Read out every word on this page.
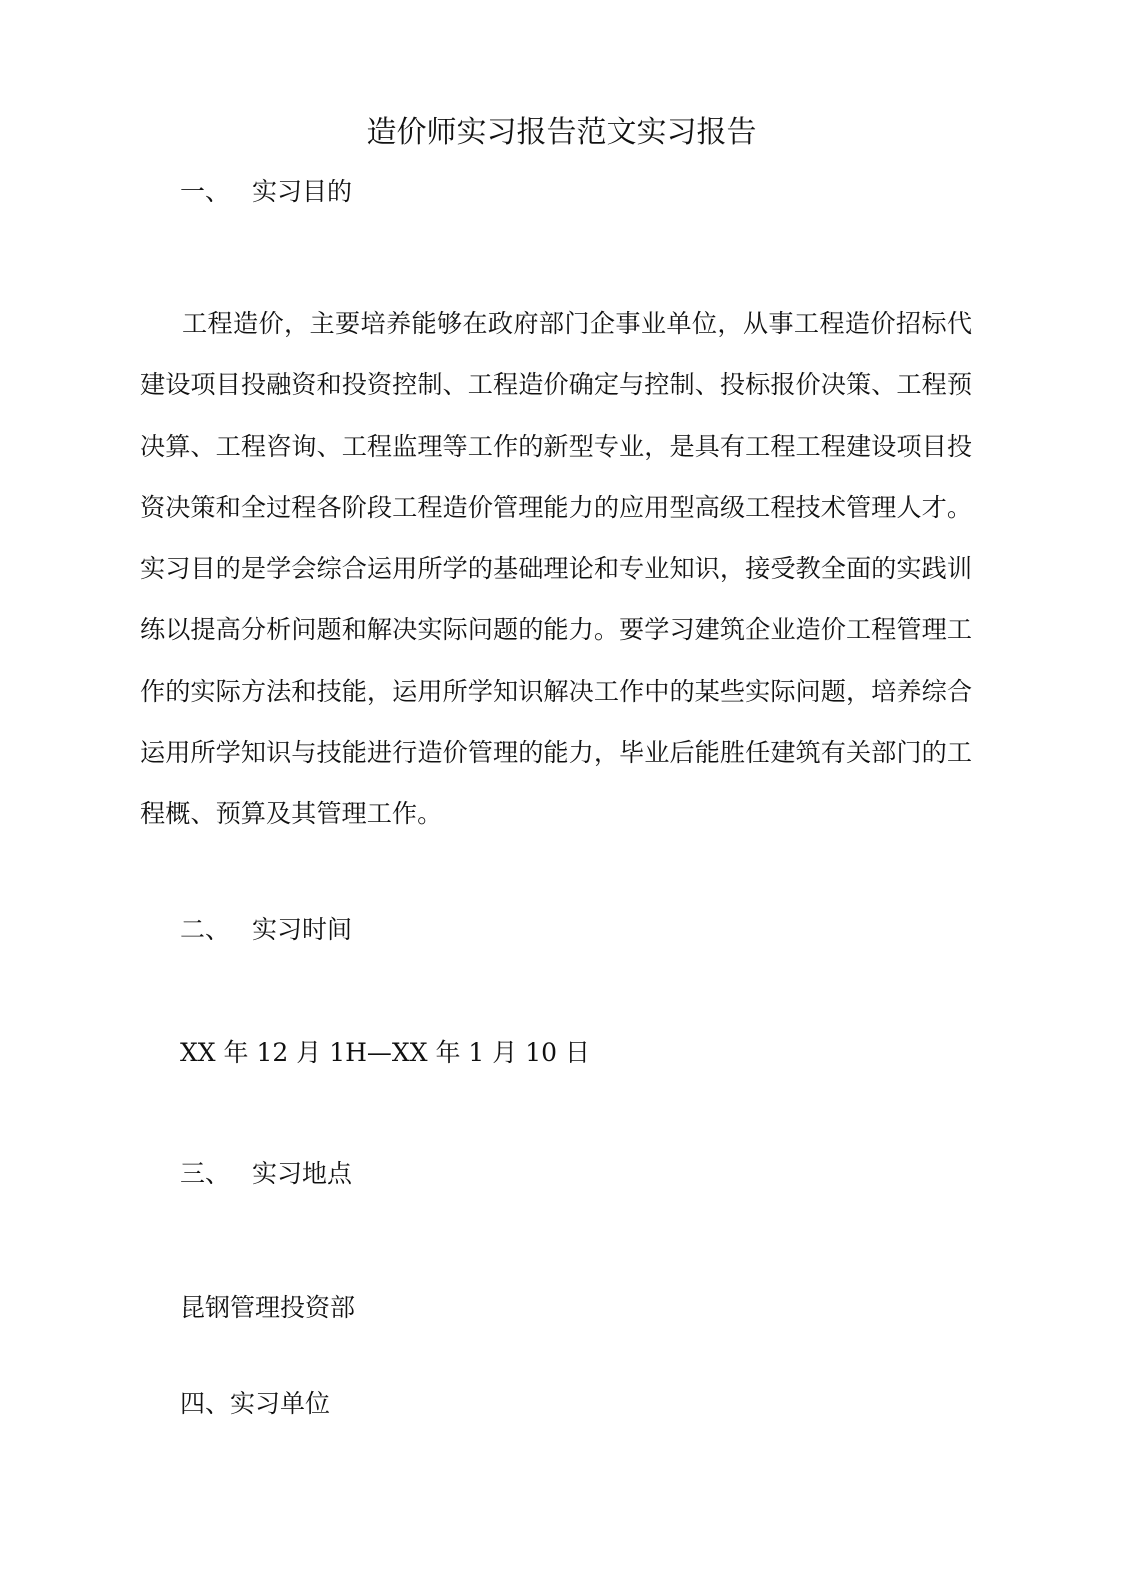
造价师实习报告范文实习报告
一、 实习目的
工程造价，主要培养能够在政府部门企事业单位，从事工程造价招标代建设项目投融资和投资控制、工程造价确定与控制、投标报价决策、工程预决算、工程咨询、工程监理等工作的新型专业，是具有工程工程建设项目投资决策和全过程各阶段工程造价管理能力的应用型高级工程技术管理人才。实习目的是学会综合运用所学的基础理论和专业知识，接受教全面的实践训练以提高分析问题和解决实际问题的能力。要学习建筑企业造价工程管理工作的实际方法和技能，运用所学知识解决工作中的某些实际问题，培养综合运用所学知识与技能进行造价管理的能力，毕业后能胜任建筑有关部门的工程概、预算及其管理工作。
二、 实习时间
XX 年 12 月 1H—XX 年 1 月 10 日
三、 实习地点
昆钢管理投资部
四、实习单位
